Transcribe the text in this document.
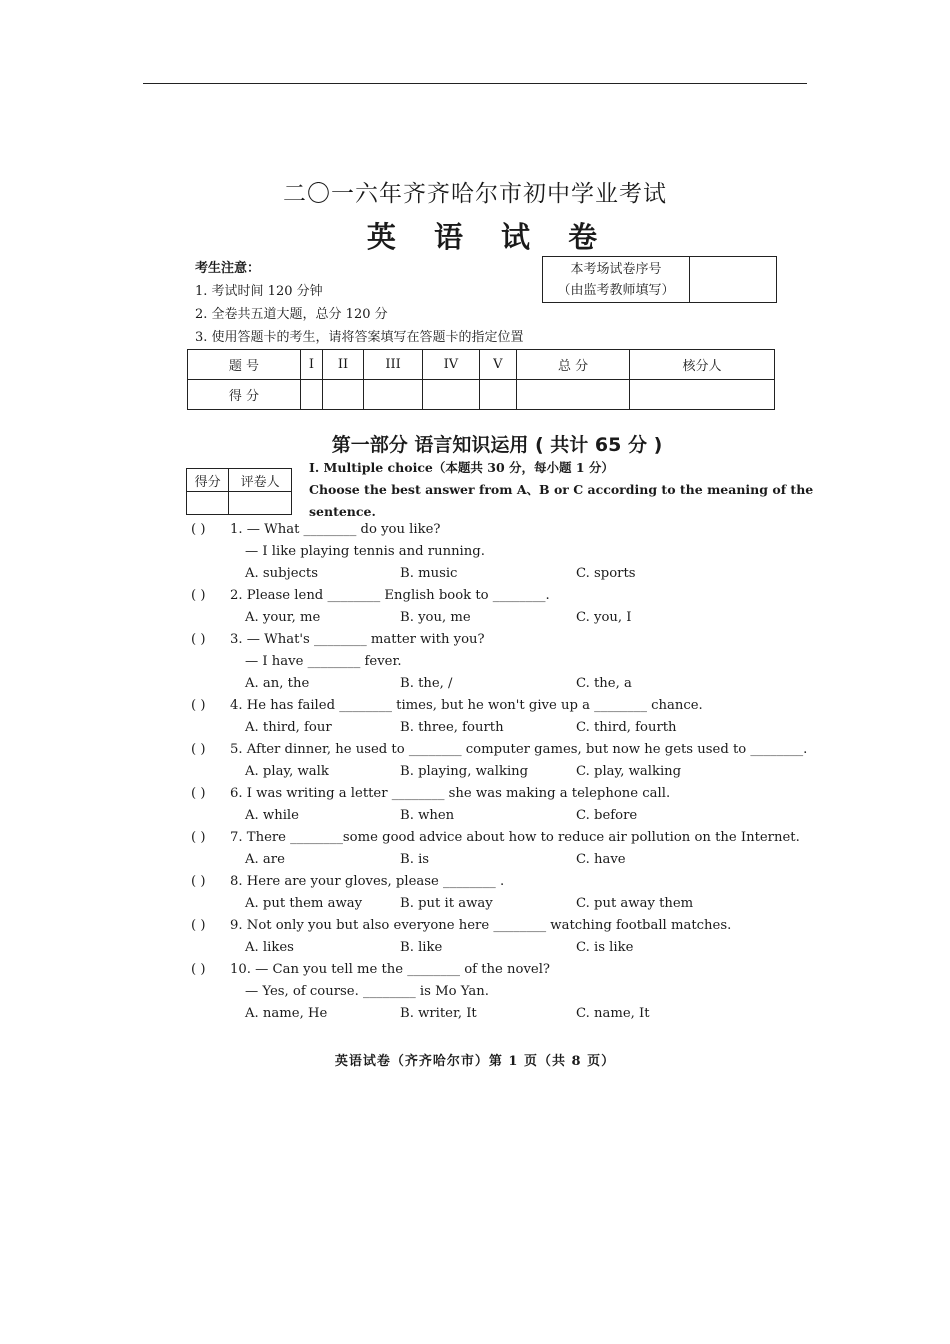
二〇一六年齐齐哈尔市初中学业考试
英 语 试 卷
考生注意：
1. 考试时间 120 分钟
2. 全卷共五道大题，总分 120 分
3. 使用答题卡的考生，请将答案填写在答题卡的指定位置
本考场试卷序号
（由监考教师填写）
题 号	I	II	III	IV	V	总 分	核分人
得 分							
第一部分 语言知识运用 ( 共计 65 分 )
得分	评卷人

I. Multiple choice（本题共 30 分，每小题 1 分）
Choose the best answer from A、B or C according to the meaning of the
sentence.
( ) 1. — What ________ do you like?
— I like playing tennis and running.
A. subjects	B. music	C. sports
( ) 2. Please lend ________ English book to ________.
A. your, me	B. you, me	C. you, I
( ) 3. — What's ________ matter with you?
— I have ________ fever.
A. an, the	B. the, /	C. the, a
( ) 4. He has failed ________ times, but he won't give up a ________ chance.
A. third, four	B. three, fourth	C. third, fourth
( ) 5. After dinner, he used to ________ computer games, but now he gets used to ________.
A. play, walk	B. playing, walking	C. play, walking
( ) 6. I was writing a letter ________ she was making a telephone call.
A. while	B. when	C. before
( ) 7. There ________some good advice about how to reduce air pollution on the Internet.
A. are	B. is	C. have
( ) 8. Here are your gloves, please ________ .
A. put them away	B. put it away	C. put away them
( ) 9. Not only you but also everyone here ________ watching football matches.
A. likes	B. like	C. is like
( ) 10. — Can you tell me the ________ of the novel?
— Yes, of course. ________ is Mo Yan.
A. name, He	B. writer, It	C. name, It
英语试卷（齐齐哈尔市）第 1 页（共 8 页）
